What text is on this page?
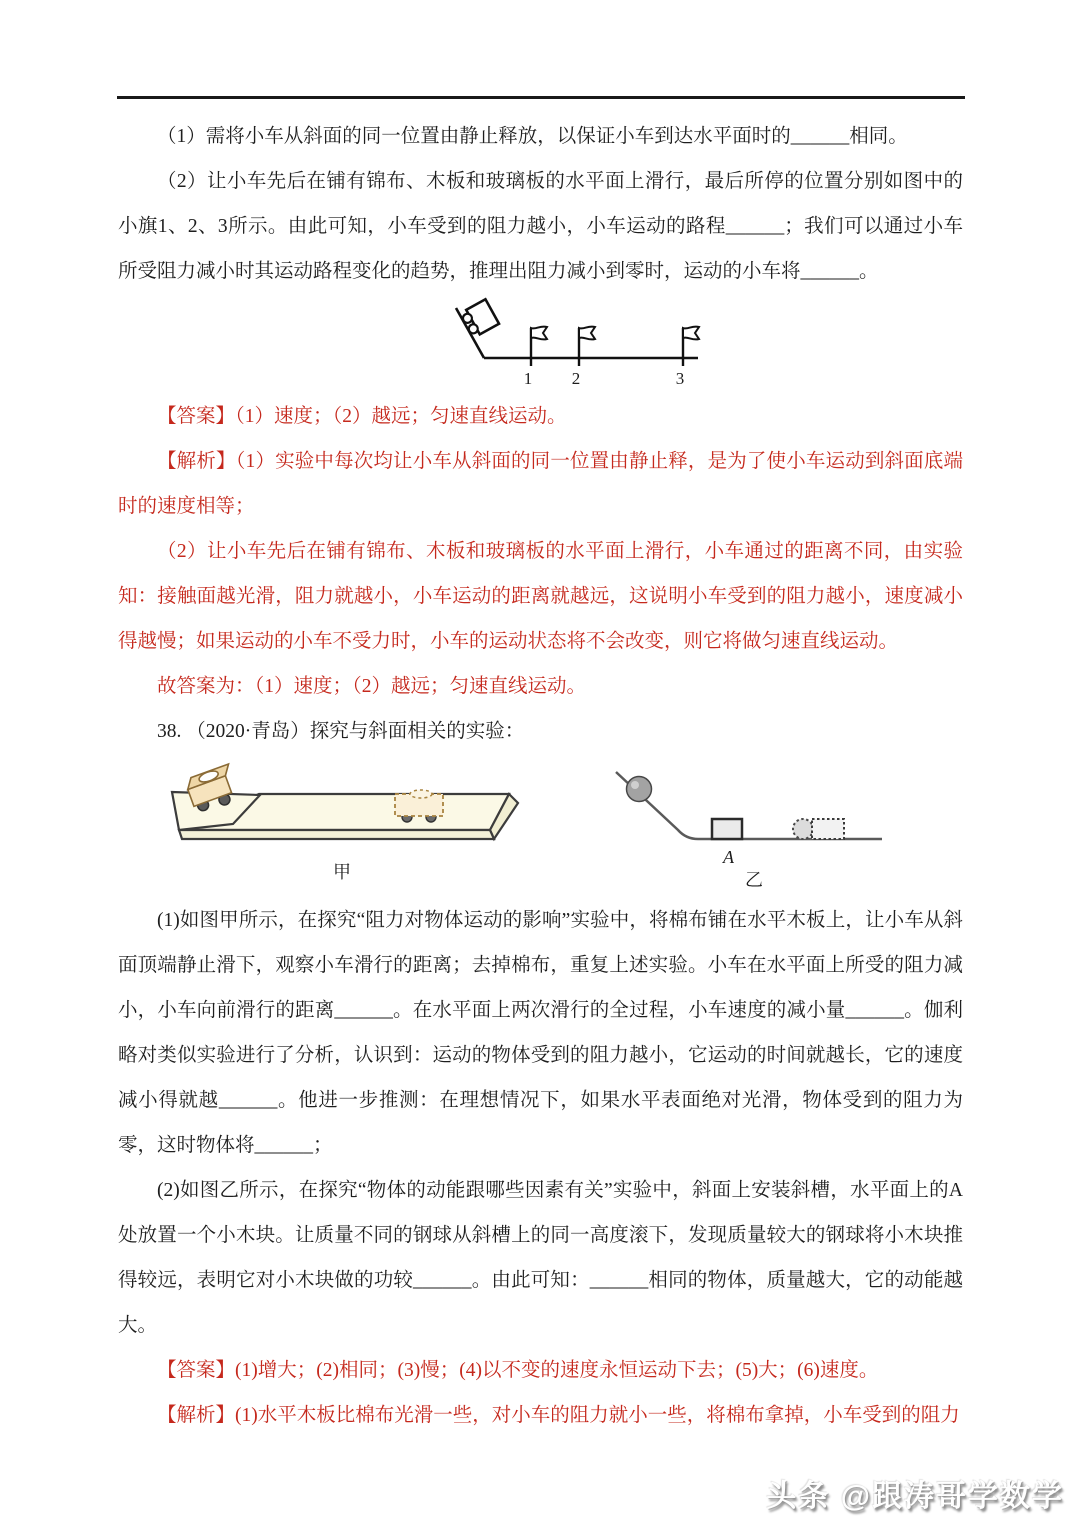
（1）需将小车从斜面的同一位置由静止释放，以保证小车到达水平面时的______相同。

（2）让小车先后在铺有锦布、木板和玻璃板的水平面上滑行，最后所停的位置分别如图中的小旗1、2、3所示。由此可知，小车受到的阻力越小，小车运动的路程______；我们可以通过小车所受阻力减小时其运动路程变化的趋势，推理出阻力减小到零时，运动的小车将______。

1 2	3

【答案】（1）速度；（2）越远；匀速直线运动。

【解析】（1）实验中每次均让小车从斜面的同一位置由静止释，是为了使小车运动到斜面底端时的速度相等；

（2）让小车先后在铺有锦布、木板和玻璃板的水平面上滑行，小车通过的距离不同，由实验知：接触面越光滑，阻力就越小，小车运动的距离就越远，这说明小车受到的阻力越小，速度减小得越慢；如果运动的小车不受力时，小车的运动状态将不会改变，则它将做匀速直线运动。

故答案为：（1）速度；（2）越远；匀速直线运动。

38. （2020·青岛）探究与斜面相关的实验：

甲
A
乙

(1)如图甲所示，在探究“阻力对物体运动的影响”实验中，将棉布铺在水平木板上，让小车从斜面顶端静止滑下，观察小车滑行的距离；去掉棉布，重复上述实验。小车在水平面上所受的阻力减小，小车向前滑行的距离______。在水平面上两次滑行的全过程，小车速度的减小量______。伽利略对类似实验进行了分析，认识到：运动的物体受到的阻力越小，它运动的时间就越长，它的速度减小得就越______。他进一步推测：在理想情况下，如果水平表面绝对光滑，物体受到的阻力为零，这时物体将______；

(2)如图乙所示，在探究“物体的动能跟哪些因素有关”实验中，斜面上安装斜槽，水平面上的A处放置一个小木块。让质量不同的钢球从斜槽上的同一高度滚下，发现质量较大的钢球将小木块推得较远，表明它对小木块做的功较______。由此可知：______相同的物体，质量越大，它的动能越大。

【答案】(1)增大；(2)相同；(3)慢；(4)以不变的速度永恒运动下去；(5)大；(6)速度。

【解析】(1)水平木板比棉布光滑一些，对小车的阻力就小一些，将棉布拿掉，小车受到的阻力

头条 @跟涛哥学数学
